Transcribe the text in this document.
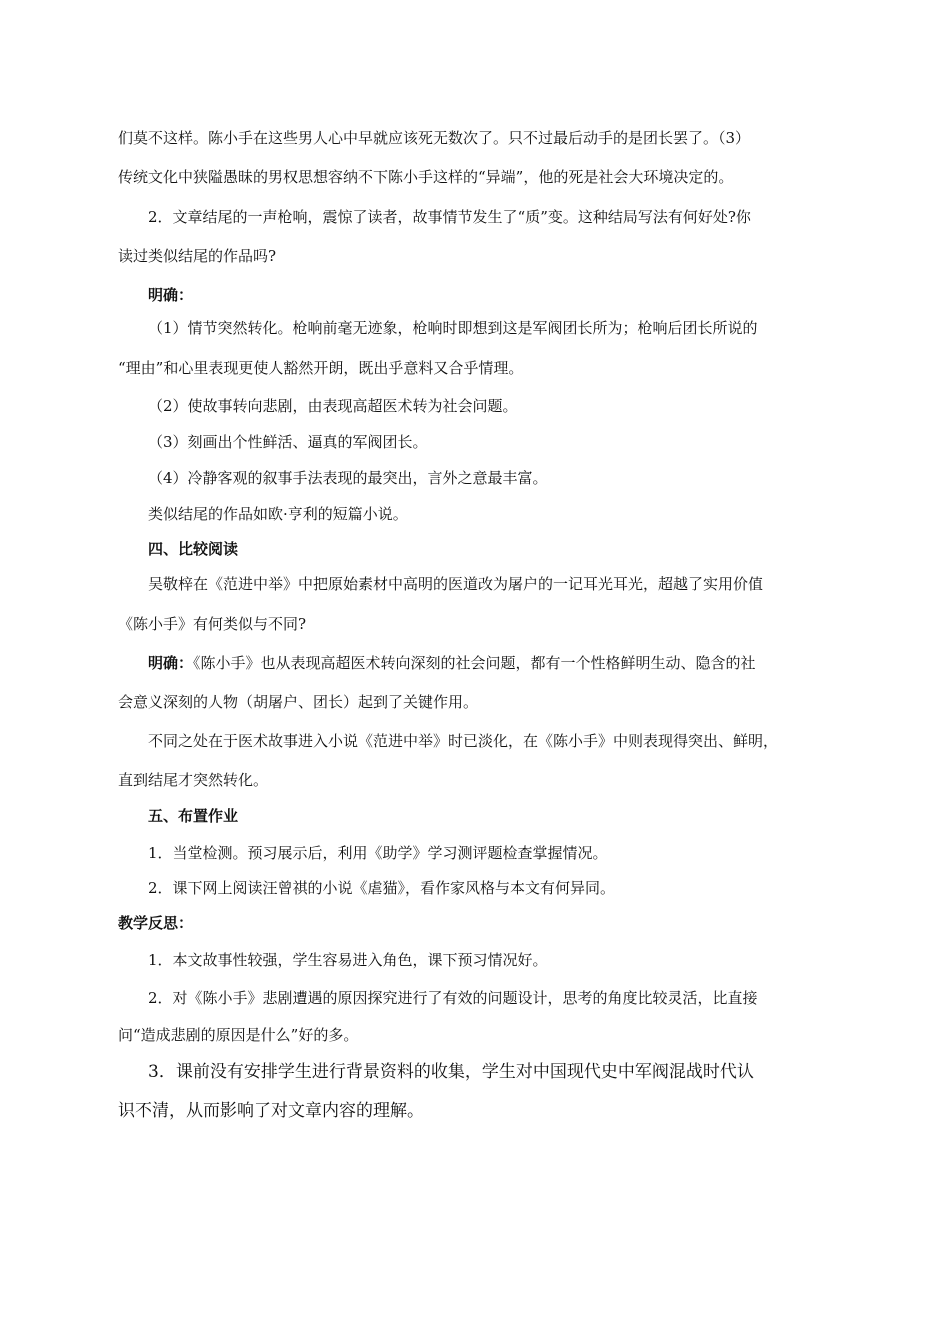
们莫不这样。陈小手在这些男人心中早就应该死无数次了。只不过最后动手的是团长罢了。（3）
传统文化中狭隘愚昧的男权思想容纳不下陈小手这样的“异端”，他的死是社会大环境决定的。
2．文章结尾的一声枪响，震惊了读者，故事情节发生了“质”变。这种结局写法有何好处?你
读过类似结尾的作品吗?
明确：
（1）情节突然转化。枪响前毫无迹象，枪响时即想到这是军阀团长所为；枪响后团长所说的
“理由”和心里表现更使人豁然开朗，既出乎意料又合乎情理。
（2）使故事转向悲剧，由表现高超医术转为社会问题。
（3）刻画出个性鲜活、逼真的军阀团长。
（4）冷静客观的叙事手法表现的最突出，言外之意最丰富。
类似结尾的作品如欧·亨利的短篇小说。
四、比较阅读
吴敬梓在《范进中举》中把原始素材中高明的医道改为屠户的一记耳光耳光，超越了实用价值
《陈小手》有何类似与不同?
明确：《陈小手》也从表现高超医术转向深刻的社会问题，都有一个性格鲜明生动、隐含的社
会意义深刻的人物（胡屠户、团长）起到了关键作用。
不同之处在于医术故事进入小说《范进中举》时已淡化，在《陈小手》中则表现得突出、鲜明，
直到结尾才突然转化。
五、布置作业
1．当堂检测。预习展示后，利用《助学》学习测评题检查掌握情况。
2．课下网上阅读汪曾祺的小说《虐猫》，看作家风格与本文有何异同。
教学反思：
1．本文故事性较强，学生容易进入角色，课下预习情况好。
2．对《陈小手》悲剧遭遇的原因探究进行了有效的问题设计，思考的角度比较灵活，比直接
问“造成悲剧的原因是什么”好的多。
3．课前没有安排学生进行背景资料的收集，学生对中国现代史中军阀混战时代认
识不清，从而影响了对文章内容的理解。
